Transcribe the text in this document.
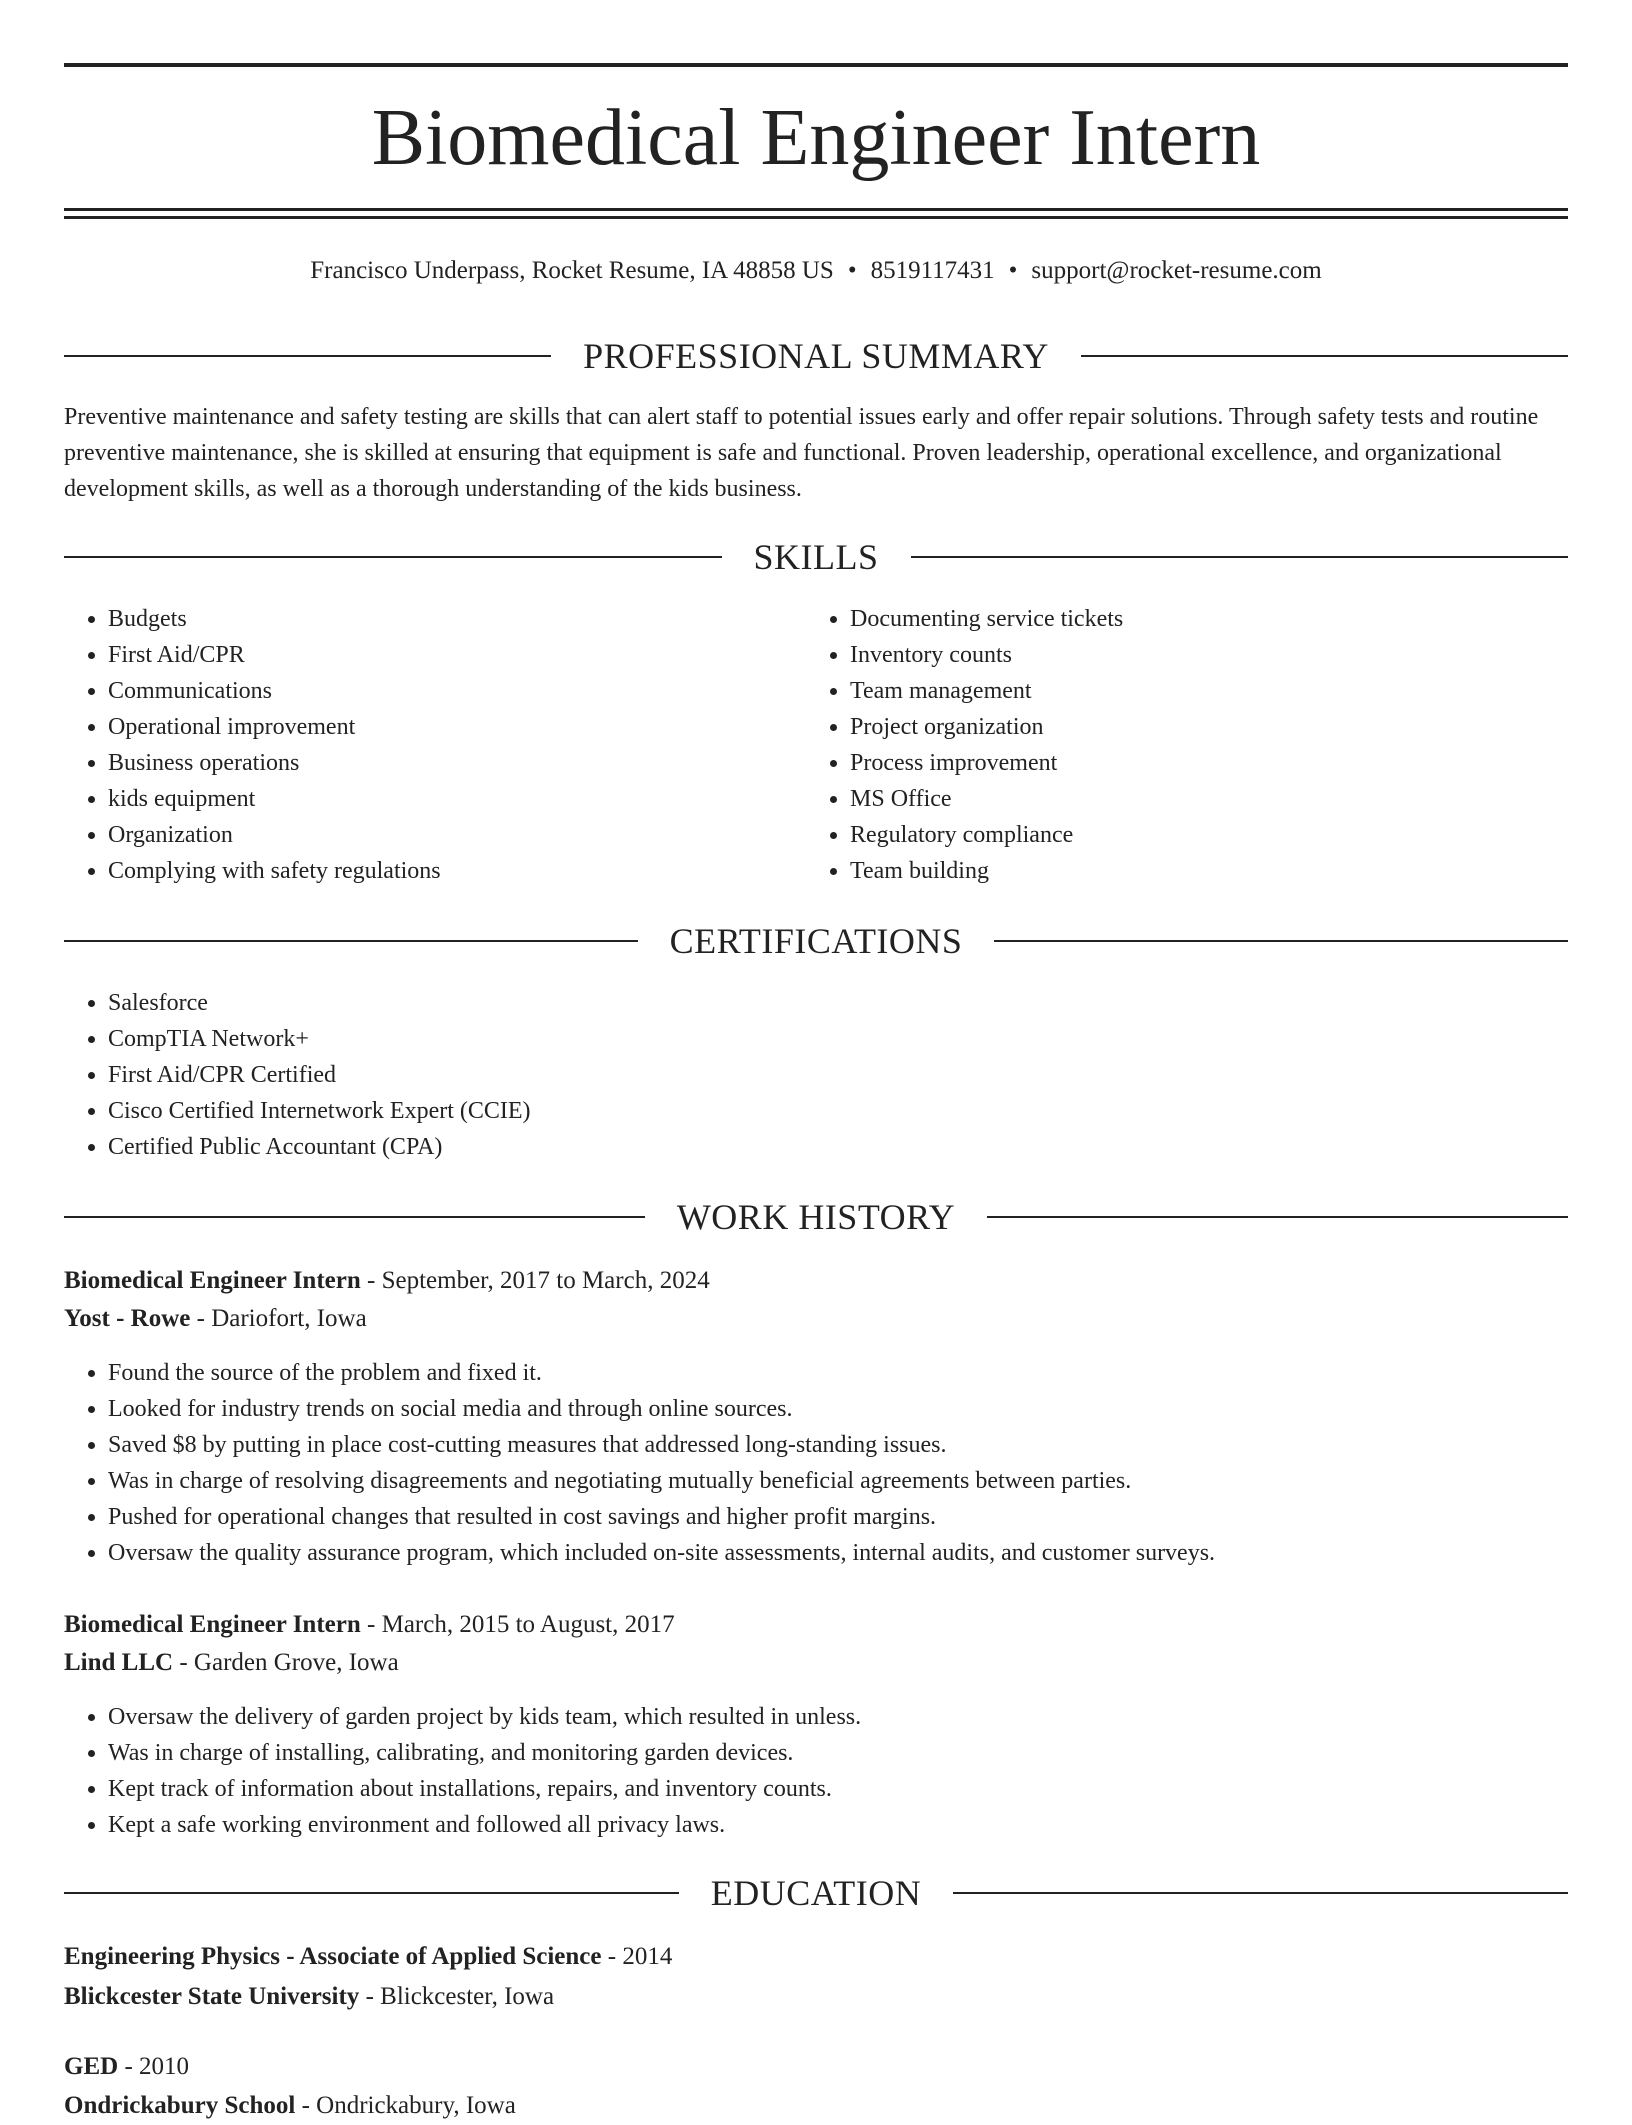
Biomedical Engineer Intern
Francisco Underpass, Rocket Resume, IA 48858 US • 8519117431 • support@rocket-resume.com
PROFESSIONAL SUMMARY

Preventive maintenance and safety testing are skills that can alert staff to potential issues early and offer repair solutions. Through safety tests and routine preventive maintenance, she is skilled at ensuring that equipment is safe and functional. Proven leadership, operational excellence, and organizational development skills, as well as a thorough understanding of the kids business.

SKILLS
• Budgets
• First Aid/CPR
• Communications
• Operational improvement
• Business operations
• kids equipment
• Organization
• Complying with safety regulations
• Documenting service tickets
• Inventory counts
• Team management
• Project organization
• Process improvement
• MS Office
• Regulatory compliance
• Team building
CERTIFICATIONS
• Salesforce
• CompTIA Network+
• First Aid/CPR Certified
• Cisco Certified Internetwork Expert (CCIE)
• Certified Public Accountant (CPA)
WORK HISTORY
Biomedical Engineer Intern - September, 2017 to March, 2024
Yost - Rowe - Dariofort, Iowa
• Found the source of the problem and fixed it.
• Looked for industry trends on social media and through online sources.
• Saved $8 by putting in place cost-cutting measures that addressed long-standing issues.
• Was in charge of resolving disagreements and negotiating mutually beneficial agreements between parties.
• Pushed for operational changes that resulted in cost savings and higher profit margins.
• Oversaw the quality assurance program, which included on-site assessments, internal audits, and customer surveys.
Biomedical Engineer Intern - March, 2015 to August, 2017
Lind LLC - Garden Grove, Iowa
• Oversaw the delivery of garden project by kids team, which resulted in unless.
• Was in charge of installing, calibrating, and monitoring garden devices.
• Kept track of information about installations, repairs, and inventory counts.
• Kept a safe working environment and followed all privacy laws.
EDUCATION
Engineering Physics - Associate of Applied Science - 2014
Blickcester State University - Blickcester, Iowa
GED - 2010
Ondrickabury School - Ondrickabury, Iowa
